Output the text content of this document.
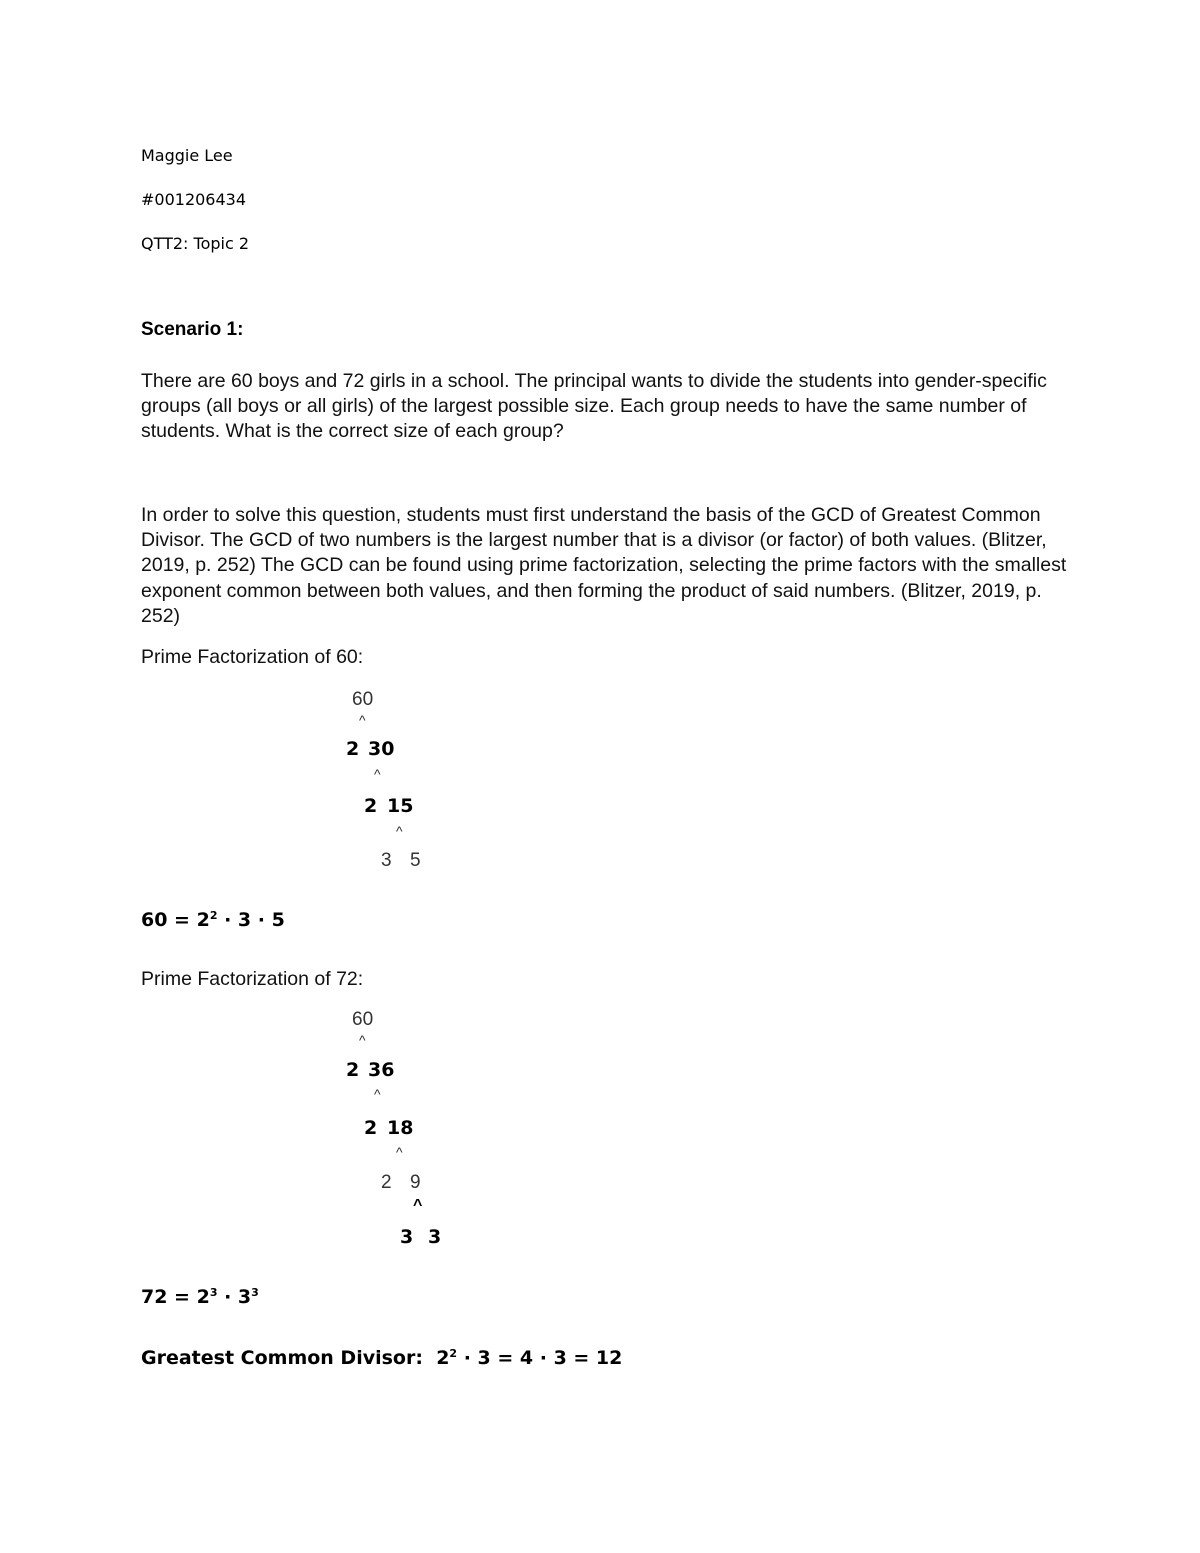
Maggie Lee
#001206434
QTT2: Topic 2
Scenario 1:
There are 60 boys and 72 girls in a school. The principal wants to divide the students into gender-specific groups (all boys or all girls) of the largest possible size. Each group needs to have the same number of students. What is the correct size of each group?
In order to solve this question, students must first understand the basis of the GCD of Greatest Common Divisor. The GCD of two numbers is the largest number that is a divisor (or factor) of both values. (Blitzer, 2019, p. 252) The GCD can be found using prime factorization, selecting the prime factors with the smallest exponent common between both values, and then forming the product of said numbers. (Blitzer, 2019, p. 252)
Prime Factorization of 60:
60
^
2 30
^
2 15
^
3 5
$60 = 2^2 \cdot 3 \cdot 5$
Prime Factorization of 72:
60
^
2 36
^
2 18
^
2 9
^
3 3
$72 = 2^3 \cdot 3^3$
Greatest Common Divisor: $2^2 \cdot 3 = 4 \cdot 3 = 12$
